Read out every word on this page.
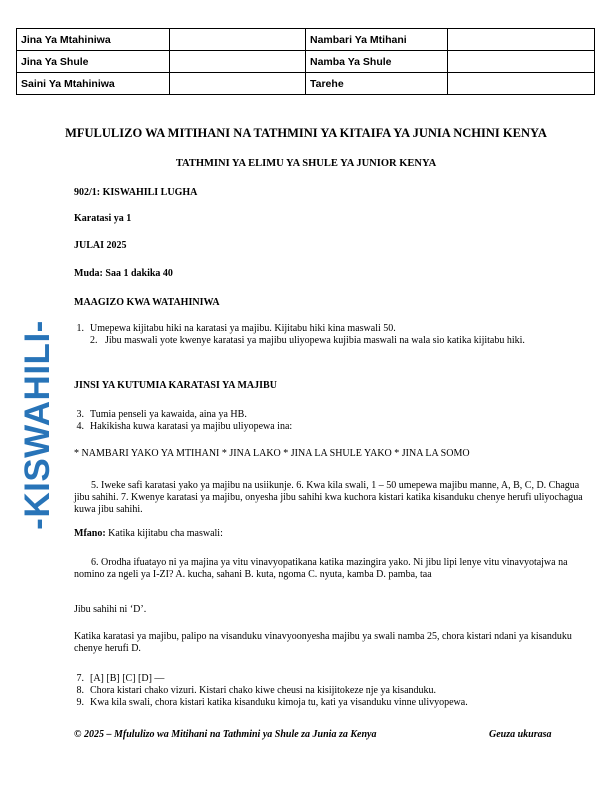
Jina Ya Mtahiniwa		Nambari Ya Mtihani	
Jina Ya Shule		Namba Ya Shule	
Saini Ya Mtahiniwa		Tarehe	
-KISWAHILI-
MFULULIZO WA MITIHANI NA TATHMINI YA KITAIFA YA JUNIA NCHINI KENYA
TATHMINI YA ELIMU YA SHULE YA JUNIOR KENYA
902/1: KISWAHILI LUGHA
Karatasi ya 1
JULAI 2025
Muda: Saa 1 dakika 40
MAAGIZO KWA WATAHINIWA
1. Umepewa kijitabu hiki na karatasi ya majibu. Kijitabu hiki kina maswali 50.
2. Jibu maswali yote kwenye karatasi ya majibu uliyopewa kujibia maswali na wala sio katika kijitabu hiki.
JINSI YA KUTUMIA KARATASI YA MAJIBU
3. Tumia penseli ya kawaida, aina ya HB.
4. Hakikisha kuwa karatasi ya majibu uliyopewa ina:
* NAMBARI YAKO YA MTIHANI * JINA LAKO * JINA LA SHULE YAKO * JINA LA SOMO
5. Iweke safi karatasi yako ya majibu na usiikunje. 6. Kwa kila swali, 1 – 50 umepewa majibu manne, A, B, C, D. Chagua jibu sahihi. 7. Kwenye karatasi ya majibu, onyesha jibu sahihi kwa kuchora kistari katika kisanduku chenye herufi uliyochagua kuwa jibu sahihi.
Mfano: Katika kijitabu cha maswali:
6. Orodha ifuatayo ni ya majina ya vitu vinavyopatikana katika mazingira yako. Ni jibu lipi lenye vitu vinavyotajwa na nomino za ngeli ya I-ZI? A. kucha, sahani B. kuta, ngoma C. nyuta, kamba D. pamba, taa
Jibu sahihi ni ‘D’.
Katika karatasi ya majibu, palipo na visanduku vinavyoonyesha majibu ya swali namba 25, chora kistari ndani ya kisanduku chenye herufi D.
7. [A] [B] [C] [D] —
8. Chora kistari chako vizuri. Kistari chako kiwe cheusi na kisijitokeze nje ya kisanduku.
9. Kwa kila swali, chora kistari katika kisanduku kimoja tu, kati ya visanduku vinne ulivyopewa.
© 2025 – Mfululizo wa Mitihani na Tathmini ya Shule za Junia za Kenya	Geuza ukurasa
